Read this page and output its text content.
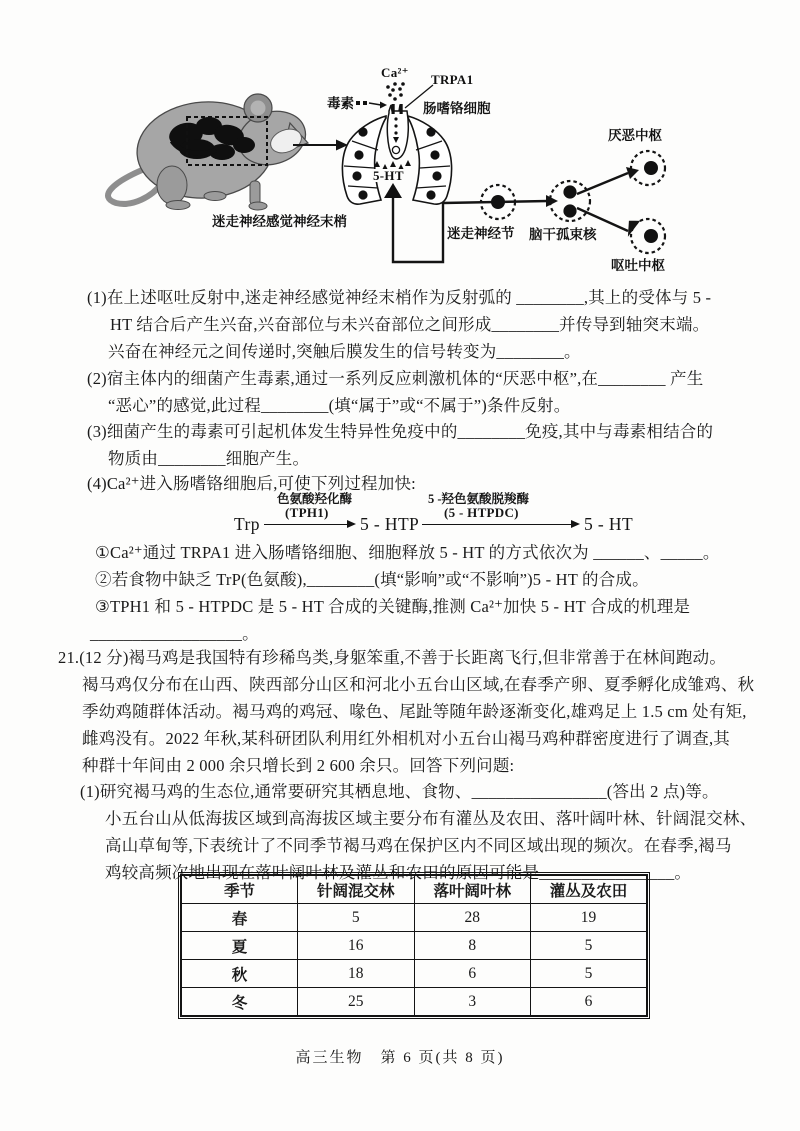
Ca²⁺ TRPA1
毒素	肠嗜铬细胞
5-HT
迷走神经感觉神经末梢
迷走神经节 脑干孤束核
厌恶中枢
呕吐中枢
(1)在上述呕吐反射中,迷走神经感觉神经末梢作为反射弧的 ________,其上的受体与 5 -
HT 结合后产生兴奋,兴奋部位与未兴奋部位之间形成________并传导到轴突末端。
兴奋在神经元之间传递时,突触后膜发生的信号转变为________。
(2)宿主体内的细菌产生毒素,通过一系列反应刺激机体的“厌恶中枢”,在________ 产生
“恶心”的感觉,此过程________(填“属于”或“不属于”)条件反射。
(3)细菌产生的毒素可引起机体发生特异性免疫中的________免疫,其中与毒素相结合的
物质由________细胞产生。
(4)Ca²⁺进入肠嗜铬细胞后,可使下列过程加快:
色氨酸羟化酶
(TPH1)
5 -羟色氨酸脱羧酶
(5 - HTPDC)
Trp	5 - HTP	5 - HT
①Ca²⁺通过 TRPA1 进入肠嗜铬细胞、细胞释放 5 - HT 的方式依次为 ______、_____。
②若食物中缺乏 TrP(色氨酸),________(填“影响”或“不影响”)5 - HT 的合成。
③TPH1 和 5 - HTPDC 是 5 - HT 合成的关键酶,推测 Ca²⁺加快 5 - HT 合成的机理是
__________________。
21.(12 分)褐马鸡是我国特有珍稀鸟类,身躯笨重,不善于长距离飞行,但非常善于在林间跑动。
褐马鸡仅分布在山西、陕西部分山区和河北小五台山区域,在春季产卵、夏季孵化成雏鸡、秋
季幼鸡随群体活动。褐马鸡的鸡冠、喙色、尾趾等随年龄逐渐变化,雄鸡足上 1.5 cm 处有矩,
雌鸡没有。2022 年秋,某科研团队利用红外相机对小五台山褐马鸡种群密度进行了调查,其
种群十年间由 2 000 余只增长到 2 600 余只。回答下列问题:
(1)研究褐马鸡的生态位,通常要研究其栖息地、食物、________________(答出 2 点)等。
小五台山从低海拔区域到高海拔区域主要分布有灌丛及农田、落叶阔叶林、针阔混交林、
高山草甸等,下表统计了不同季节褐马鸡在保护区内不同区域出现的频次。在春季,褐马
鸡较高频次地出现在落叶阔叶林及灌丛和农田的原因可能是________________。
季节	针阔混交林	落叶阔叶林	灌丛及农田
春	5	28	19
夏	16	8	5
秋	18	6	5
冬	25	3	6
高三生物　第 6 页(共 8 页)
